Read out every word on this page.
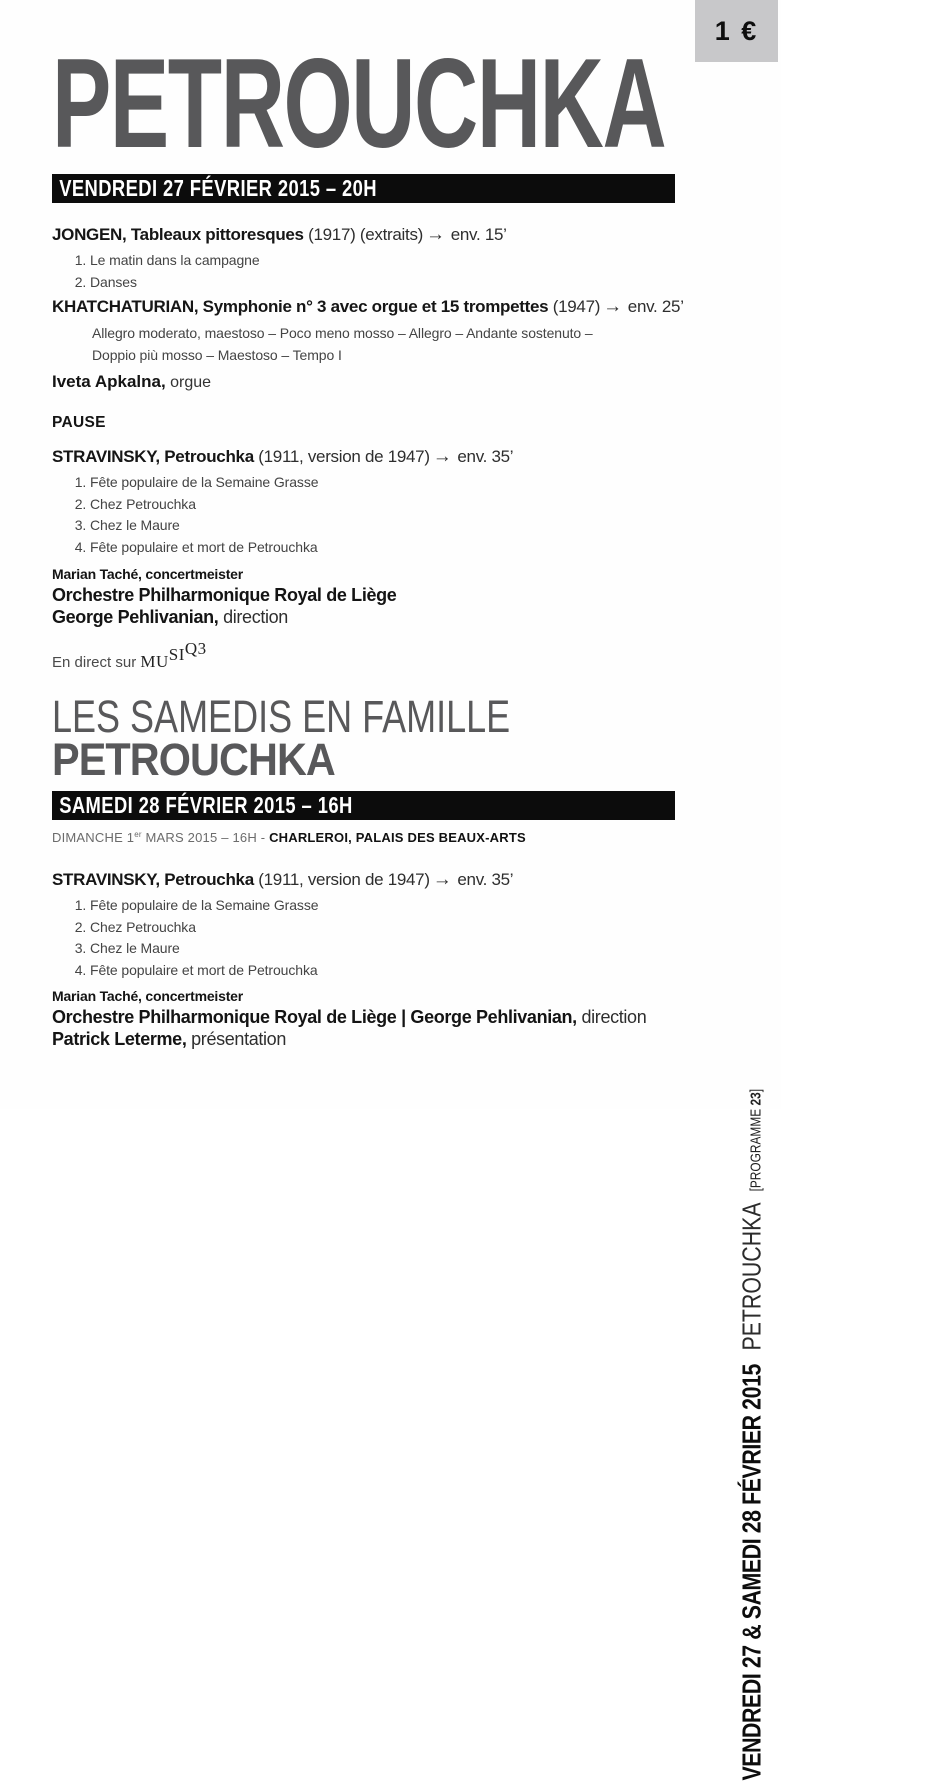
1 €
PETROUCHKA
VENDREDI 27 FÉVRIER 2015 – 20H
JONGEN, Tableaux pittoresques (1917) (extraits) → env. 15’
1. Le matin dans la campagne
2. Danses
KHATCHATURIAN, Symphonie n° 3 avec orgue et 15 trompettes (1947) → env. 25’
Allegro moderato, maestoso – Poco meno mosso – Allegro – Andante sostenuto –
Doppio più mosso – Maestoso – Tempo I

Iveta Apkalna, orgue

PAUSE

STRAVINSKY, Petrouchka (1911, version de 1947) → env. 35’
1. Fête populaire de la Semaine Grasse
2. Chez Petrouchka
3. Chez le Maure
4. Fête populaire et mort de Petrouchka

Marian Taché, concertmeister

Orchestre Philharmonique Royal de Liège

George Pehlivanian, direction

En direct sur MUSIQ3

LES SAMEDIS EN FAMILLE
PETROUCHKA
SAMEDI 28 FÉVRIER 2015 – 16H

DIMANCHE 1er MARS 2015 – 16H - CHARLEROI, PALAIS DES BEAUX-ARTS

STRAVINSKY, Petrouchka (1911, version de 1947) → env. 35’
1. Fête populaire de la Semaine Grasse
2. Chez Petrouchka
3. Chez le Maure
4. Fête populaire et mort de Petrouchka

Marian Taché, concertmeister

Orchestre Philharmonique Royal de Liège | George Pehlivanian, direction

Patrick Leterme, présentation

VENDREDI 27 & SAMEDI 28 FÉVRIER 2015 PETROUCHKA [PROGRAMME 23]
